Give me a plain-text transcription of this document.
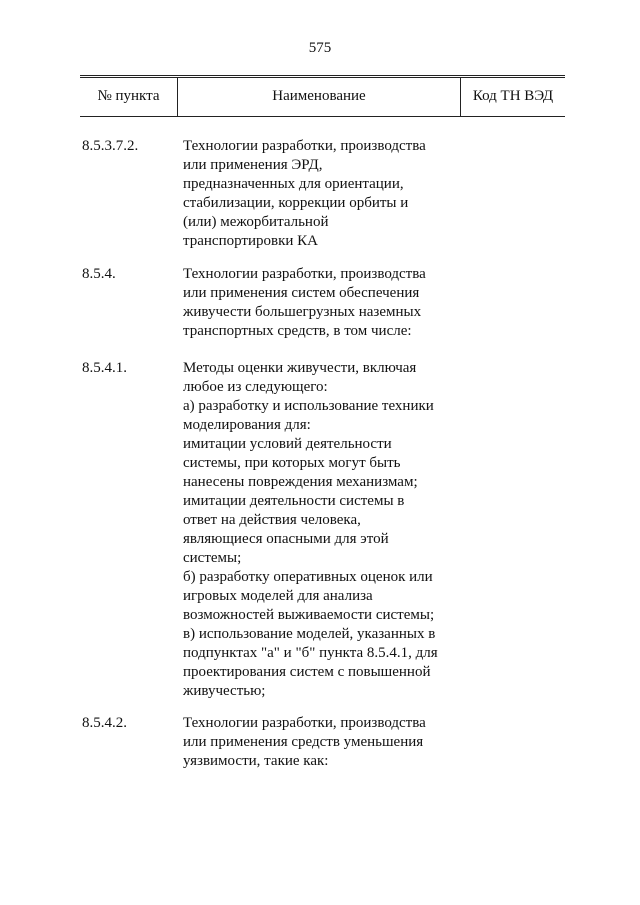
575
№ пункта	Наименование	Код ТН ВЭД
8.5.3.7.2.	Технологии разработки, производства
или применения ЭРД,
предназначенных для ориентации,
стабилизации, коррекции орбиты и
(или) межорбитальной
транспортировки КА
8.5.4.	Технологии разработки, производства
или применения систем обеспечения
живучести большегрузных наземных
транспортных средств, в том числе:
8.5.4.1.	Методы оценки живучести, включая
любое из следующего:
а) разработку и использование техники
моделирования для:
имитации условий деятельности
системы, при которых могут быть
нанесены повреждения механизмам;
имитации деятельности системы в
ответ на действия человека,
являющиеся опасными для этой
системы;
б) разработку оперативных оценок или
игровых моделей для анализа
возможностей выживаемости системы;
в) использование моделей, указанных в
подпунктах "а" и "б" пункта 8.5.4.1, для
проектирования систем с повышенной
живучестью;
8.5.4.2.	Технологии разработки, производства
или применения средств уменьшения
уязвимости, такие как:
